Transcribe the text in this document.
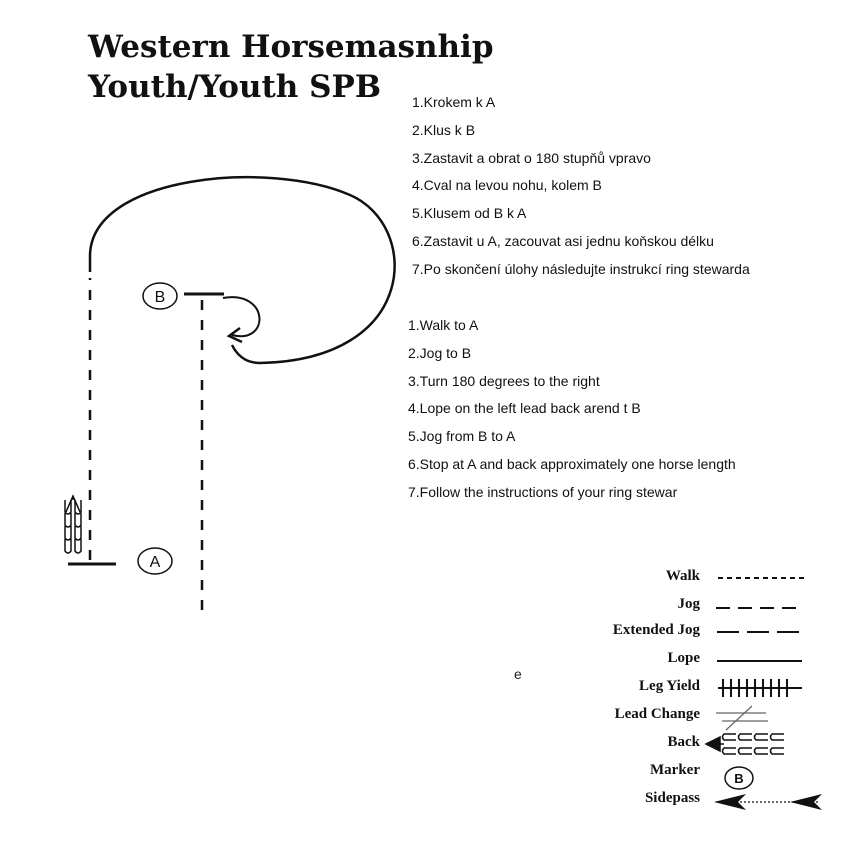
Western Horsemasnhip
Youth/Youth SPB 1.Krokem k A
2.Klus k B
3.Zastavit a obrat o 180 stupňů vpravo
4.Cval na levou nohu, kolem B
5.Klusem od B k A
6.Zastavit u A, zacouvat asi jednu koňskou délku
7.Po skončení úlohy následujte instrukcí ring stewarda
1.Walk to A
2.Jog to B
3.Turn 180 degrees to the right
4.Lope on the left lead back arend t B
5.Jog from B to A
6.Stop at A and back approximately one horse length
7.Follow the instructions of your ring stewar
e
Walk
Jog
Extended Jog
Lope
Leg Yield
Lead Change
Back
Marker
Sidepass
B
A
B
